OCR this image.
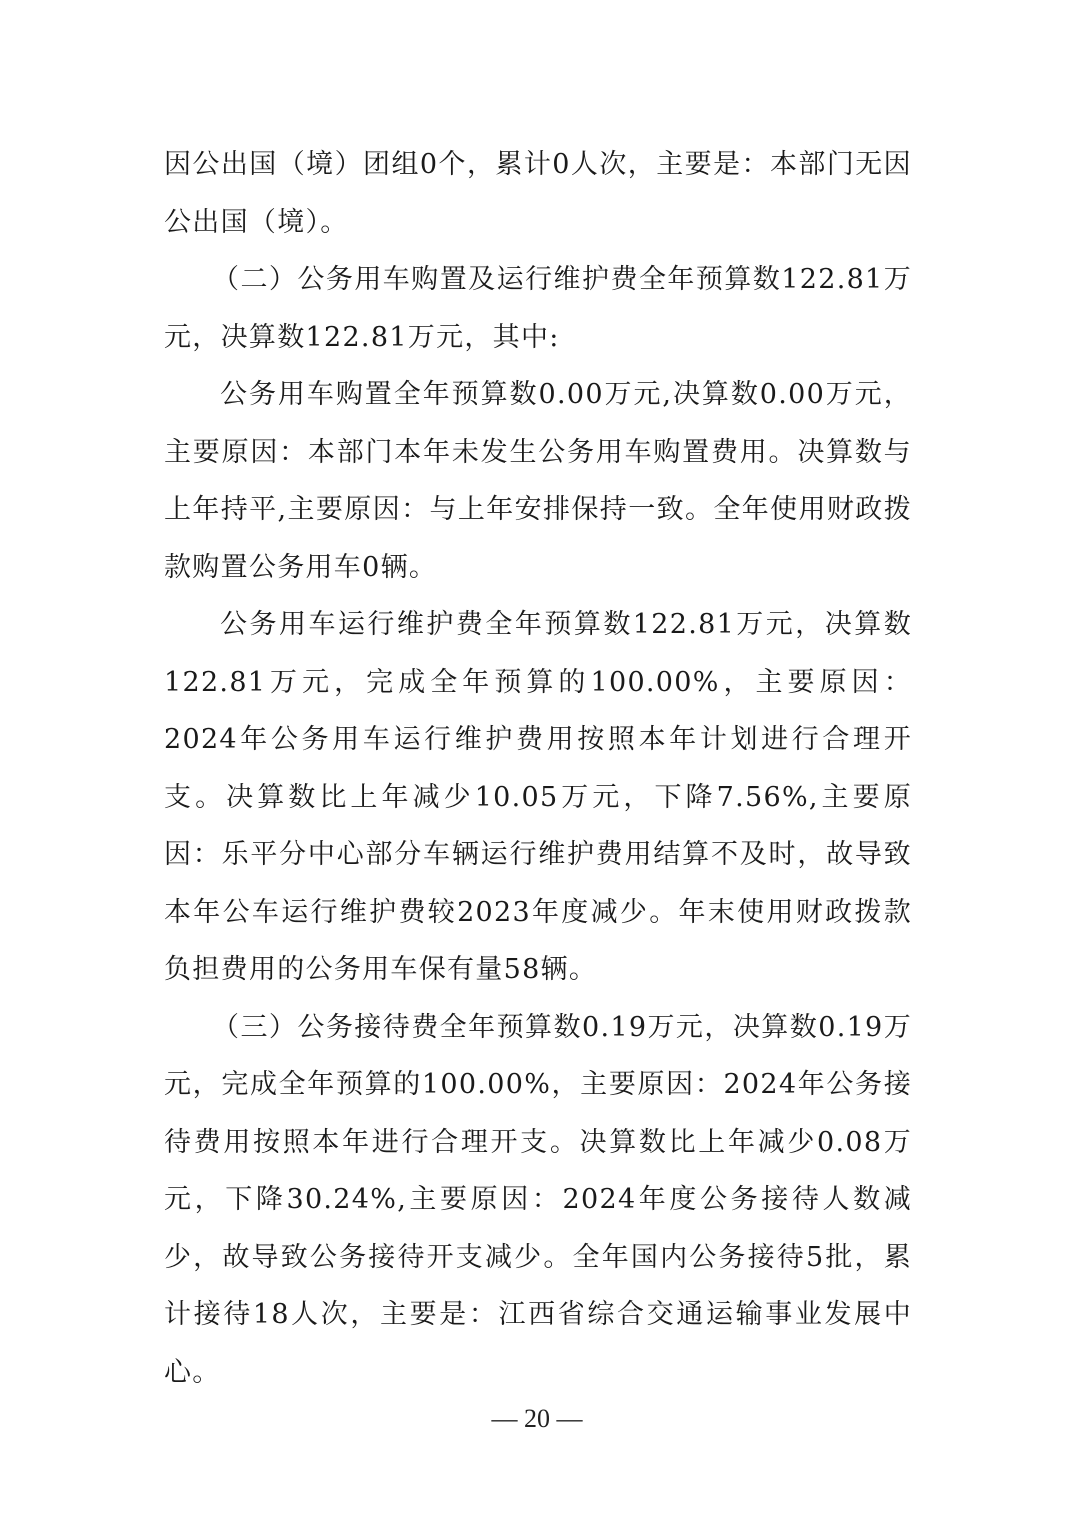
因公出国（境）团组0个，累计0人次，主要是：本部门无因公出国（境）。

（二）公务用车购置及运行维护费全年预算数122.81万元，决算数122.81万元，其中:

公务用车购置全年预算数0.00万元,决算数0.00万元，主要原因：本部门本年未发生公务用车购置费用。决算数与上年持平,主要原因：与上年安排保持一致。全年使用财政拨款购置公务用车0辆。

公务用车运行维护费全年预算数122.81万元，决算数122.81万元，完成全年预算的100.00%，主要原因：2024年公务用车运行维护费用按照本年计划进行合理开支。决算数比上年减少10.05万元，下降7.56%,主要原因：乐平分中心部分车辆运行维护费用结算不及时，故导致本年公车运行维护费较2023年度减少。年末使用财政拨款负担费用的公务用车保有量58辆。

（三）公务接待费全年预算数0.19万元，决算数0.19万元，完成全年预算的100.00%，主要原因：2024年公务接待费用按照本年进行合理开支。决算数比上年减少0.08万元，下降30.24%,主要原因：2024年度公务接待人数减少，故导致公务接待开支减少。全年国内公务接待5批，累计接待18人次，主要是：江西省综合交通运输事业发展中心。

— 20 —
